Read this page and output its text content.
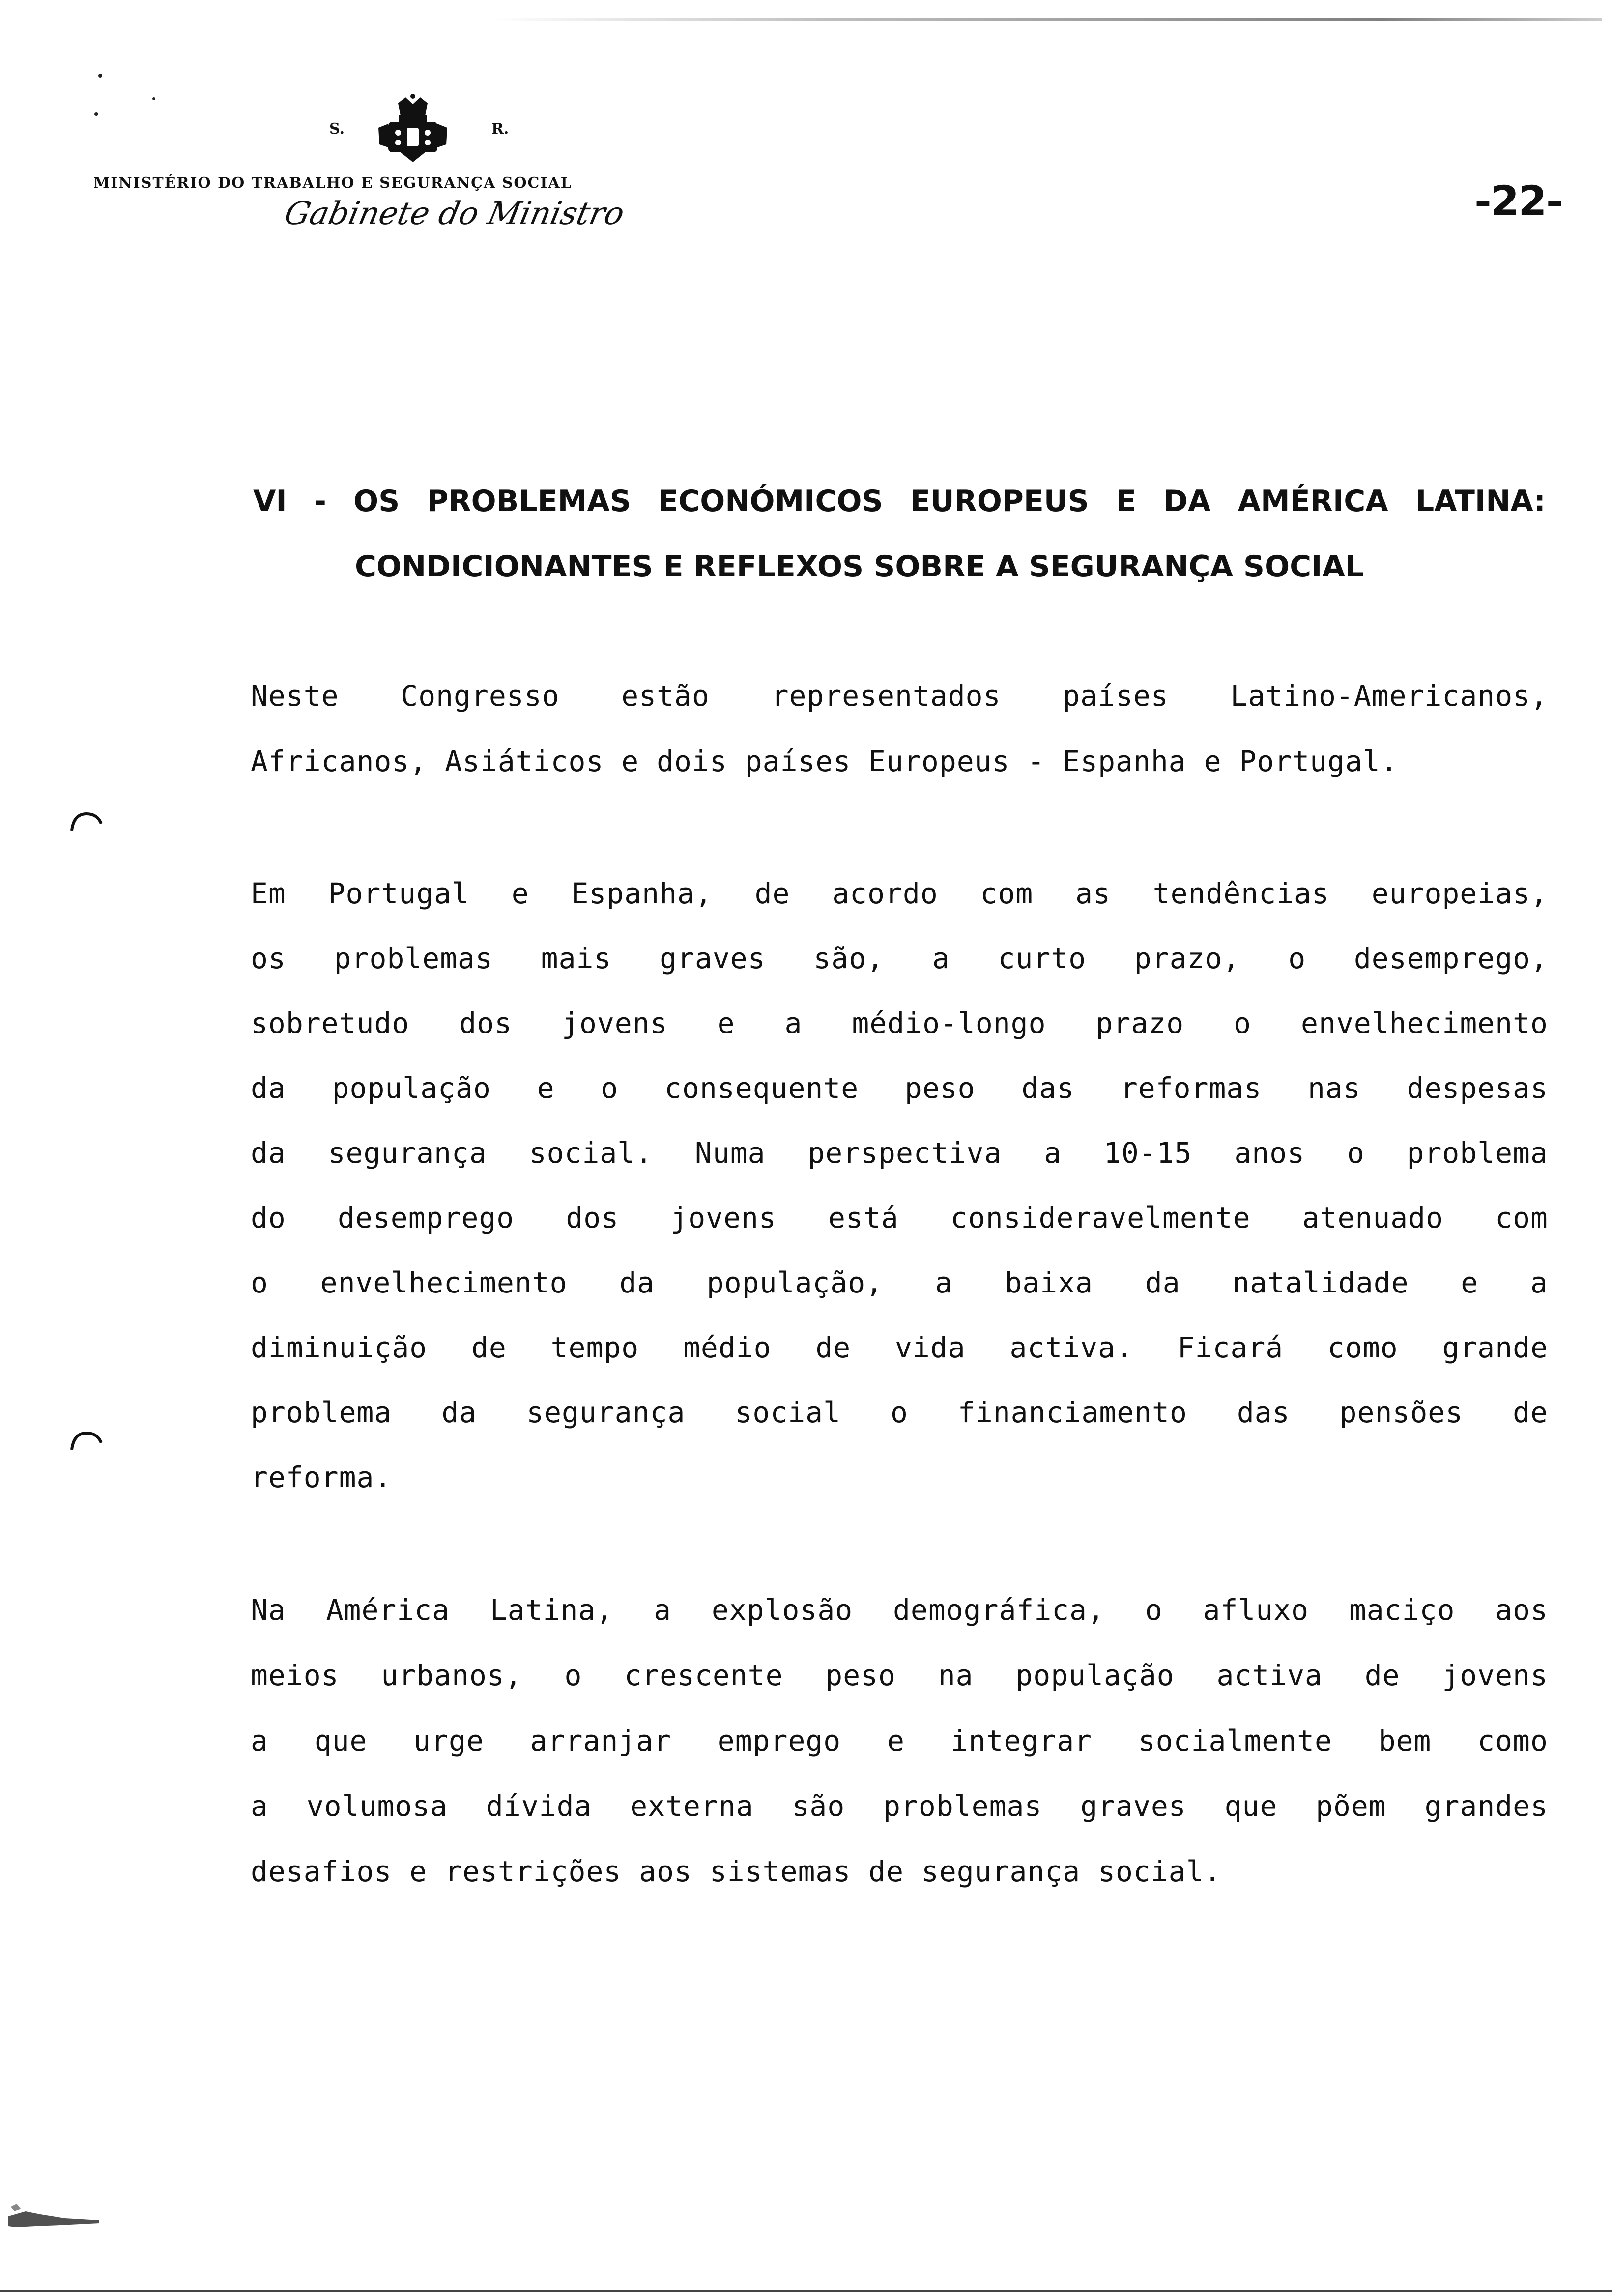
S.	R.
MINISTÉRIO DO TRABALHO E SEGURANÇA SOCIAL
Gabinete do Ministro	-22-
VI - OS PROBLEMAS ECONÓMICOS EUROPEUS E DA AMÉRICA LATINA:
CONDICIONANTES E REFLEXOS SOBRE A SEGURANÇA SOCIAL
Neste Congresso estão representados países Latino-Americanos,
Africanos, Asiáticos e dois países Europeus - Espanha e Portugal.
Em Portugal e Espanha, de acordo com as tendências europeias,
os problemas mais graves são, a curto prazo, o desemprego,
sobretudo dos jovens e a médio-longo prazo o envelhecimento
da população e o consequente peso das reformas nas despesas
da segurança social. Numa perspectiva a 10-15 anos o problema
do desemprego dos jovens está consideravelmente atenuado com
o envelhecimento da população, a baixa da natalidade e a
diminuição de tempo médio de vida activa. Ficará como grande
problema da segurança social o financiamento das pensões de
reforma.
Na América Latina, a explosão demográfica, o afluxo maciço aos
meios urbanos, o crescente peso na população activa de jovens
a que urge arranjar emprego e integrar socialmente bem como
a volumosa dívida externa são problemas graves que põem grandes
desafios e restrições aos sistemas de segurança social.
